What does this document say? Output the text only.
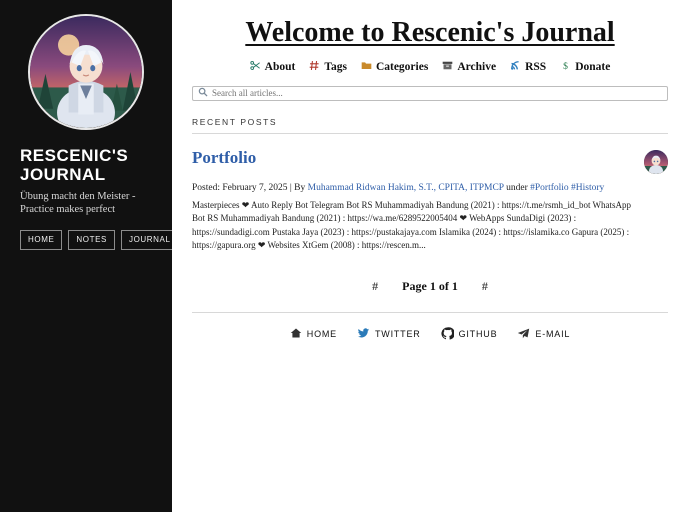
RESCENIC'S JOURNAL
Übung macht den Meister - Practice makes perfect
HOME	NOTES	JOURNAL
Welcome to Rescenic's Journal
About	Tags	Categories	Archive	RSS $ Donate
Search all articles...
RECENT POSTS
Portfolio
Posted: February 7, 2025 | By Muhammad Ridwan Hakim, S.T., CPITA, ITPMCP under #Portfolio #History

Masterpieces ❤ Auto Reply Bot Telegram Bot RS Muhammadiyah Bandung (2021) : https://t.me/rsmh_id_bot WhatsApp Bot RS Muhammadiyah Bandung (2021) : https://wa.me/6289522005404 ❤ WebApps SundaDigi (2023) : https://sundadigi.com Pustaka Jaya (2023) : https://pustakajaya.com Islamika (2024) : https://islamika.co Gapura (2025) : https://gapura.org ❤ Websites XtGem (2008) : https://rescen.m...

# Page 1 of 1 #
HOME	TWITTER	GITHUB	E-MAIL
